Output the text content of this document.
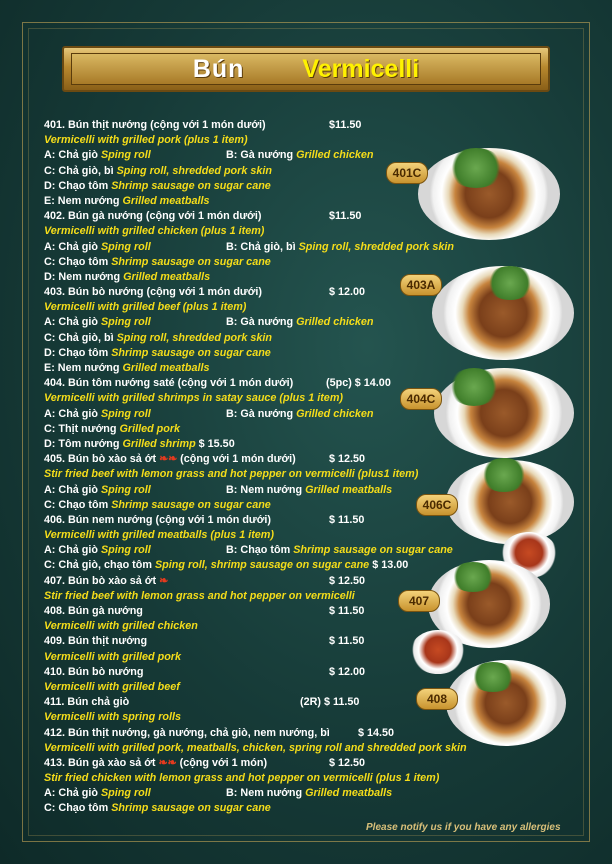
Bún Vermicelli
401C
403A
404C
406C
407
408
401. Bún thịt nướng (cộng với 1 món dưới)	$11.50
Vermicelli with grilled pork (plus 1 item)
A: Chả giò Sping roll	B: Gà nướng Grilled chicken
C: Chả giò, bì Sping roll, shredded pork skin
D: Chạo tôm Shrimp sausage on sugar cane
E: Nem nướng Grilled meatballs
402. Bún gà nướng (cộng với 1 món dưới)	$11.50
Vermicelli with grilled chicken (plus 1 item)
A: Chả giò Sping roll	B: Chả giò, bì Sping roll, shredded pork skin
C: Chạo tôm Shrimp sausage on sugar cane
D: Nem nướng Grilled meatballs
403. Bún bò nướng (cộng với 1 món dưới)	$ 12.00
Vermicelli with grilled beef (plus 1 item)
A: Chả giò Sping roll	B: Gà nướng Grilled chicken
C: Chả giò, bì Sping roll, shredded pork skin
D: Chạo tôm Shrimp sausage on sugar cane
E: Nem nướng Grilled meatballs
404. Bún tôm nướng saté (cộng với 1 món dưới)	(5pc) $ 14.00
Vermicelli with grilled shrimps in satay sauce (plus 1 item)
A: Chả giò Sping roll	B: Gà nướng Grilled chicken
C: Thịt nướng Grilled pork
D: Tôm nướng Grilled shrimp $ 15.50
405. Bún bò xào sả ớt ❧❧ (cộng với 1 món dưới)	$ 12.50
Stir fried beef with lemon grass and hot pepper on vermicelli (plus1 item)
A: Chả giò Sping roll	B: Nem nướng Grilled meatballs
C: Chạo tôm Shrimp sausage on sugar cane
406. Bún nem nướng (cộng với 1 món dưới)	$ 11.50
Vermicelli with grilled meatballs (plus 1 item)
A: Chả giò Sping roll	B: Chạo tôm Shrimp sausage on sugar cane
C: Chả giò, chạo tôm Sping roll, shrimp sausage on sugar cane $ 13.00
407. Bún bò xào sả ớt ❧	$ 12.50
Stir fried beef with lemon grass and hot pepper on vermicelli
408. Bún gà nướng	$ 11.50
Vermicelli with grilled chicken
409. Bún thịt nướng	$ 11.50
Vermicelli with grilled pork
410. Bún bò nướng	$ 12.00
Vermicelli with grilled beef
411. Bún chả giò	(2R) $ 11.50
Vermicelli with spring rolls
412. Bún thịt nướng, gà nướng, chả giò, nem nướng, bì	$ 14.50
Vermicelli with grilled pork, meatballs, chicken, spring roll and shredded pork skin
413. Bún gà xào sả ớt ❧❧ (cộng với 1 món)	$ 12.50
Stir fried chicken with lemon grass and hot pepper on vermicelli (plus 1 item)
A: Chả giò Sping roll	B: Nem nướng Grilled meatballs
C: Chạo tôm Shrimp sausage on sugar cane
Please notify us if you have any allergies
